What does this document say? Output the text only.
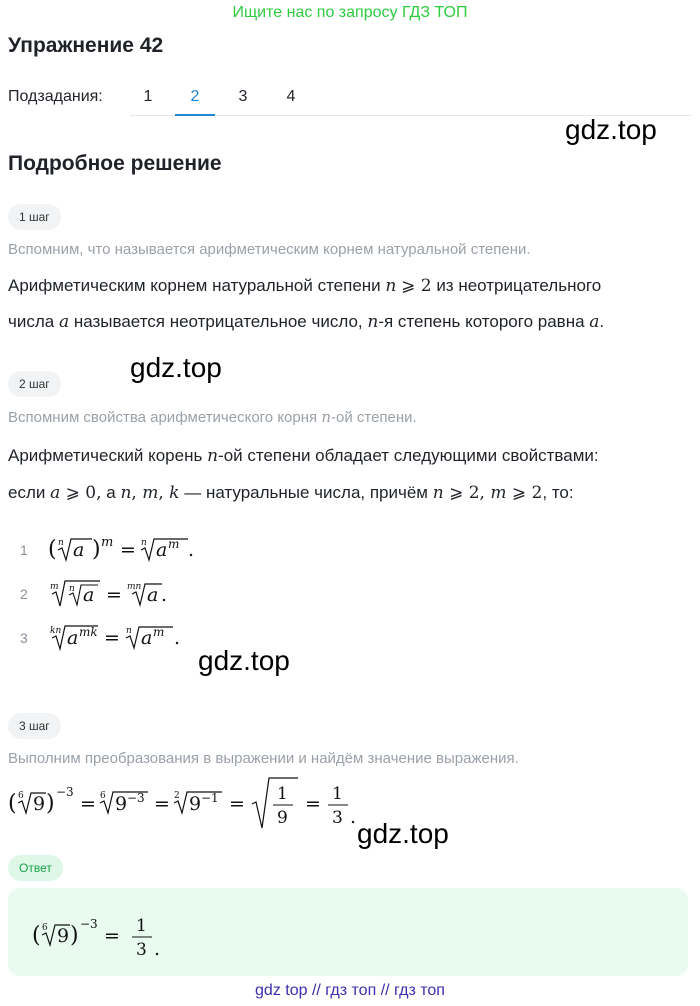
Ищите нас по запросу ГДЗ ТОП
Упражнение 42
Подзадания:	1	2	3	4
gdz.top
Подробное решение
1 шаг
Вспомним, что называется арифметическим корнем натуральной степени.
Арифметическим корнем натуральной степени n ⩾ 2 из неотрицательного
числа a называется неотрицательное число, n-я степень которого равна a.
gdz.top
2 шаг
Вспомним свойства арифметического корня n-ой степени.
Арифметический корень n-ой степени обладает следующими свойствами:
если a ⩾ 0, а n, m, k — натуральные числа, причём n ⩾ 2, m ⩾ 2, то:
1 ( n a ) m = n a m .
2 m n a = mn a .
3 kn a mk = n a m .
gdz.top
3 шаг
Выполним преобразования в выражении и найдём значение выражения.
( 6 9 ) −3
= 6 9 −3 = 2 9 −1 = 1
9
= 1
3 .
gdz.top
Ответ
( 6 9 ) −3
= 1
3 .
gdz top // гдз топ // гдз топ
